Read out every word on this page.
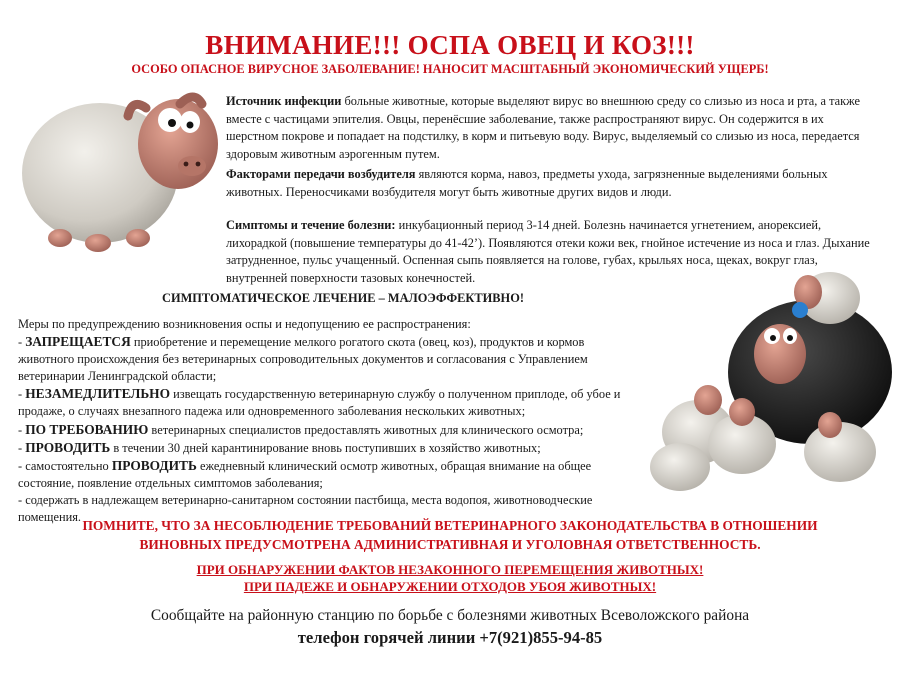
ВНИМАНИЕ!!! ОСПА ОВЕЦ И КОЗ!!!
ОСОБО ОПАСНОЕ ВИРУСНОЕ ЗАБОЛЕВАНИЕ! НАНОСИТ МАСШТАБНЫЙ ЭКОНОМИЧЕСКИЙ УЩЕРБ!
Источник инфекции больные животные, которые выделяют вирус во внешнюю среду со слизью из носа и рта, а также вместе с частицами эпителия. Овцы, перенёсшие заболевание, также распространяют вирус. Он содержится в их шерстном покрове и попадает на подстилку, в корм и питьевую воду. Вирус, выделяемый со слизью из носа, передается здоровым животным аэрогенным путем.
Факторами передачи возбудителя являются корма, навоз, предметы ухода, загрязненные выделениями больных животных. Переносчиками возбудителя могут быть животные других видов и люди.
Симптомы и течение болезни: инкубационный период 3-14 дней. Болезнь начинается угнетением, анорексией, лихорадкой (повышение температуры до 41-42’). Появляются отеки кожи век, гнойное истечение из носа и глаз. Дыхание затрудненное, пульс учащенный. Оспенная сыпь появляется на голове, губах, крыльях носа, щеках, вокруг глаз, внутренней поверхности тазовых конечностей.
СИМПТОМАТИЧЕСКОЕ ЛЕЧЕНИЕ – МАЛОЭФФЕКТИВНО!
Меры по предупреждению возникновения оспы и недопущению ее распространения:
- ЗАПРЕЩАЕТСЯ приобретение и перемещение мелкого рогатого скота (овец, коз), продуктов и кормов
животного происхождения без ветеринарных сопроводительных документов и согласования с Управлением
ветеринарии Ленинградской области;
- НЕЗАМЕДЛИТЕЛЬНО извещать государственную ветеринарную службу о полученном приплоде, об убое и
продаже, о случаях внезапного падежа или одновременного заболевания нескольких животных;
- ПО ТРЕБОВАНИЮ ветеринарных специалистов предоставлять животных для клинического осмотра;
- ПРОВОДИТЬ в течении 30 дней карантинирование вновь поступивших в хозяйство животных;
- самостоятельно ПРОВОДИТЬ ежедневный клинический осмотр животных, обращая внимание на общее
состояние, появление отдельных симптомов заболевания;
- содержать в надлежащем ветеринарно-санитарном состоянии пастбища, места водопоя, животноводческие
помещения.
ПОМНИТЕ, ЧТО ЗА НЕСОБЛЮДЕНИЕ ТРЕБОВАНИЙ ВЕТЕРИНАРНОГО ЗАКОНОДАТЕЛЬСТВА В ОТНОШЕНИИ
ВИНОВНЫХ ПРЕДУСМОТРЕНА АДМИНИСТРАТИВНАЯ И УГОЛОВНАЯ ОТВЕТСТВЕННОСТЬ.
ПРИ ОБНАРУЖЕНИИ ФАКТОВ НЕЗАКОННОГО ПЕРЕМЕЩЕНИЯ ЖИВОТНЫХ!
ПРИ ПАДЕЖЕ И ОБНАРУЖЕНИИ ОТХОДОВ УБОЯ ЖИВОТНЫХ!
Сообщайте на районную станцию по борьбе с болезнями животных Всеволожского района
телефон горячей линии +7(921)855-94-85
